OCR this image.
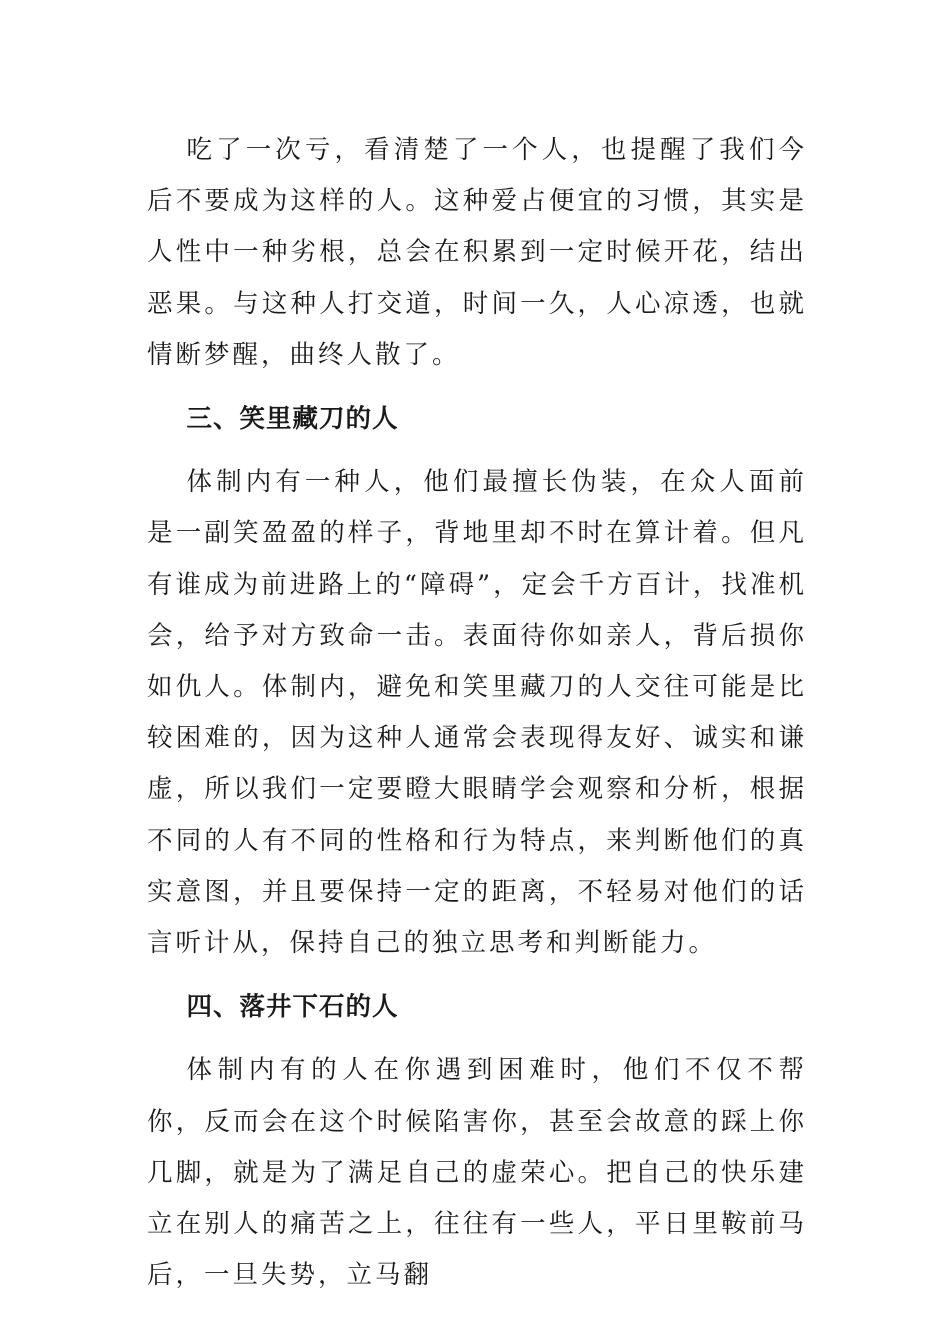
吃了一次亏，看清楚了一个人，也提醒了我们今后不要成为这样的人。这种爱占便宜的习惯，其实是人性中一种劣根，总会在积累到一定时候开花，结出恶果。与这种人打交道，时间一久，人心凉透，也就情断梦醒，曲终人散了。

三、笑里藏刀的人

体制内有一种人，他们最擅长伪装，在众人面前是一副笑盈盈的样子，背地里却不时在算计着。但凡有谁成为前进路上的“障碍”，定会千方百计，找准机会，给予对方致命一击。表面待你如亲人，背后损你如仇人。体制内，避免和笑里藏刀的人交往可能是比较困难的，因为这种人通常会表现得友好、诚实和谦虚，所以我们一定要瞪大眼睛学会观察和分析，根据不同的人有不同的性格和行为特点，来判断他们的真实意图，并且要保持一定的距离，不轻易对他们的话言听计从，保持自己的独立思考和判断能力。

四、落井下石的人

体制内有的人在你遇到困难时，他们不仅不帮你，反而会在这个时候陷害你，甚至会故意的踩上你几脚，就是为了满足自己的虚荣心。把自己的快乐建立在别人的痛苦之上，往往有一些人，平日里鞍前马后，一旦失势，立马翻
